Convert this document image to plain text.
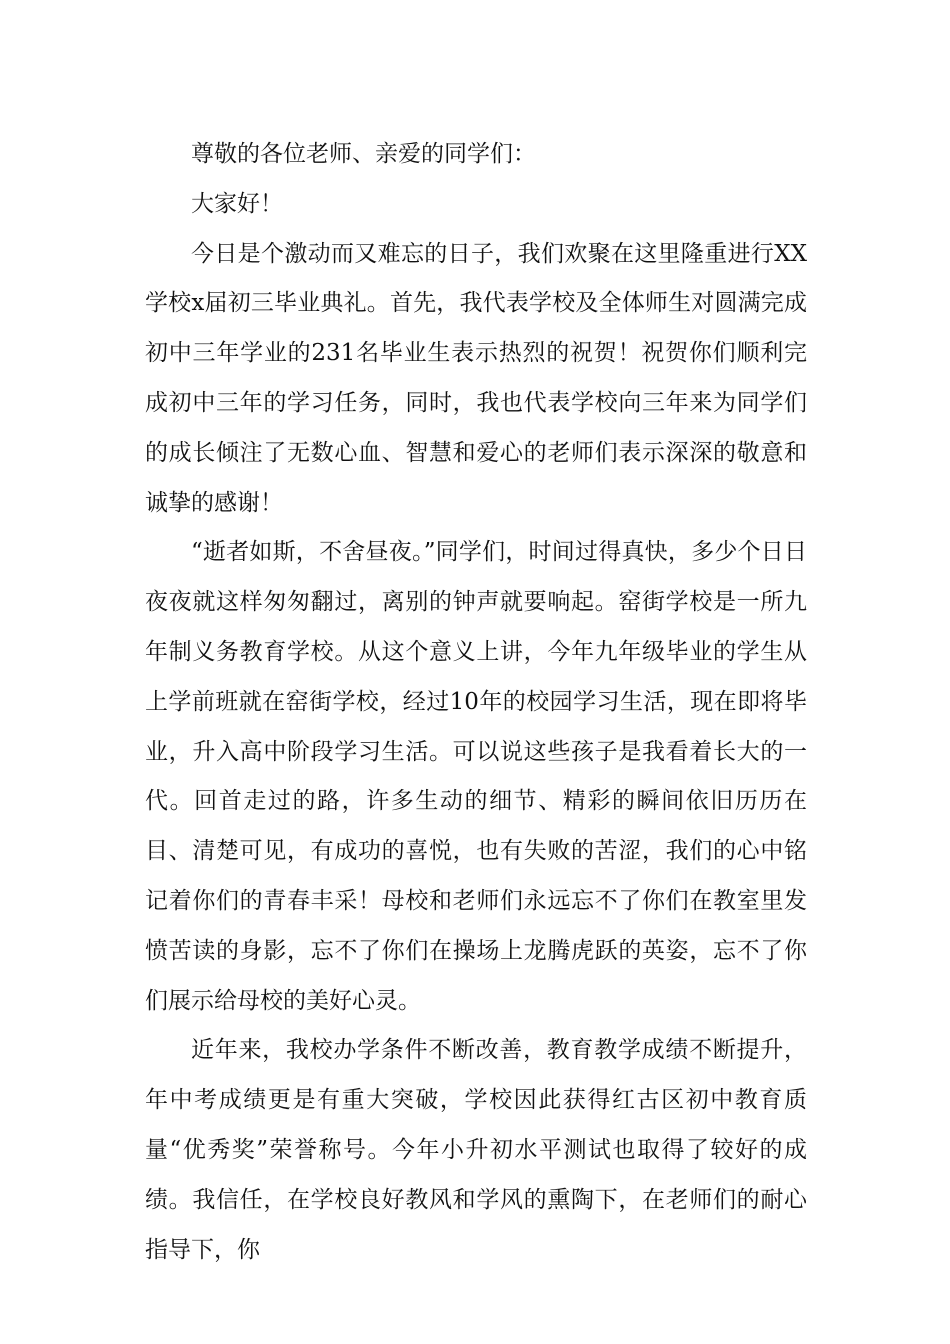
尊敬的各位老师、亲爱的同学们：

大家好！

今日是个激动而又难忘的日子，我们欢聚在这里隆重进行XX学校x届初三毕业典礼。首先，我代表学校及全体师生对圆满完成初中三年学业的231名毕业生表示热烈的祝贺！祝贺你们顺利完成初中三年的学习任务，同时，我也代表学校向三年来为同学们的成长倾注了无数心血、智慧和爱心的老师们表示深深的敬意和诚挚的感谢！

“逝者如斯，不舍昼夜。”同学们，时间过得真快，多少个日日夜夜就这样匆匆翻过，离别的钟声就要响起。窑街学校是一所九年制义务教育学校。从这个意义上讲，今年九年级毕业的学生从上学前班就在窑街学校，经过10年的校园学习生活，现在即将毕业，升入高中阶段学习生活。可以说这些孩子是我看着长大的一代。回首走过的路，许多生动的细节、精彩的瞬间依旧历历在目、清楚可见，有成功的喜悦，也有失败的苦涩，我们的心中铭记着你们的青春丰采！母校和老师们永远忘不了你们在教室里发愤苦读的身影，忘不了你们在操场上龙腾虎跃的英姿，忘不了你们展示给母校的美好心灵。

近年来，我校办学条件不断改善，教育教学成绩不断提升，年中考成绩更是有重大突破，学校因此获得红古区初中教育质量“优秀奖”荣誉称号。今年小升初水平测试也取得了较好的成绩。我信任，在学校良好教风和学风的熏陶下，在老师们的耐心指导下，你
